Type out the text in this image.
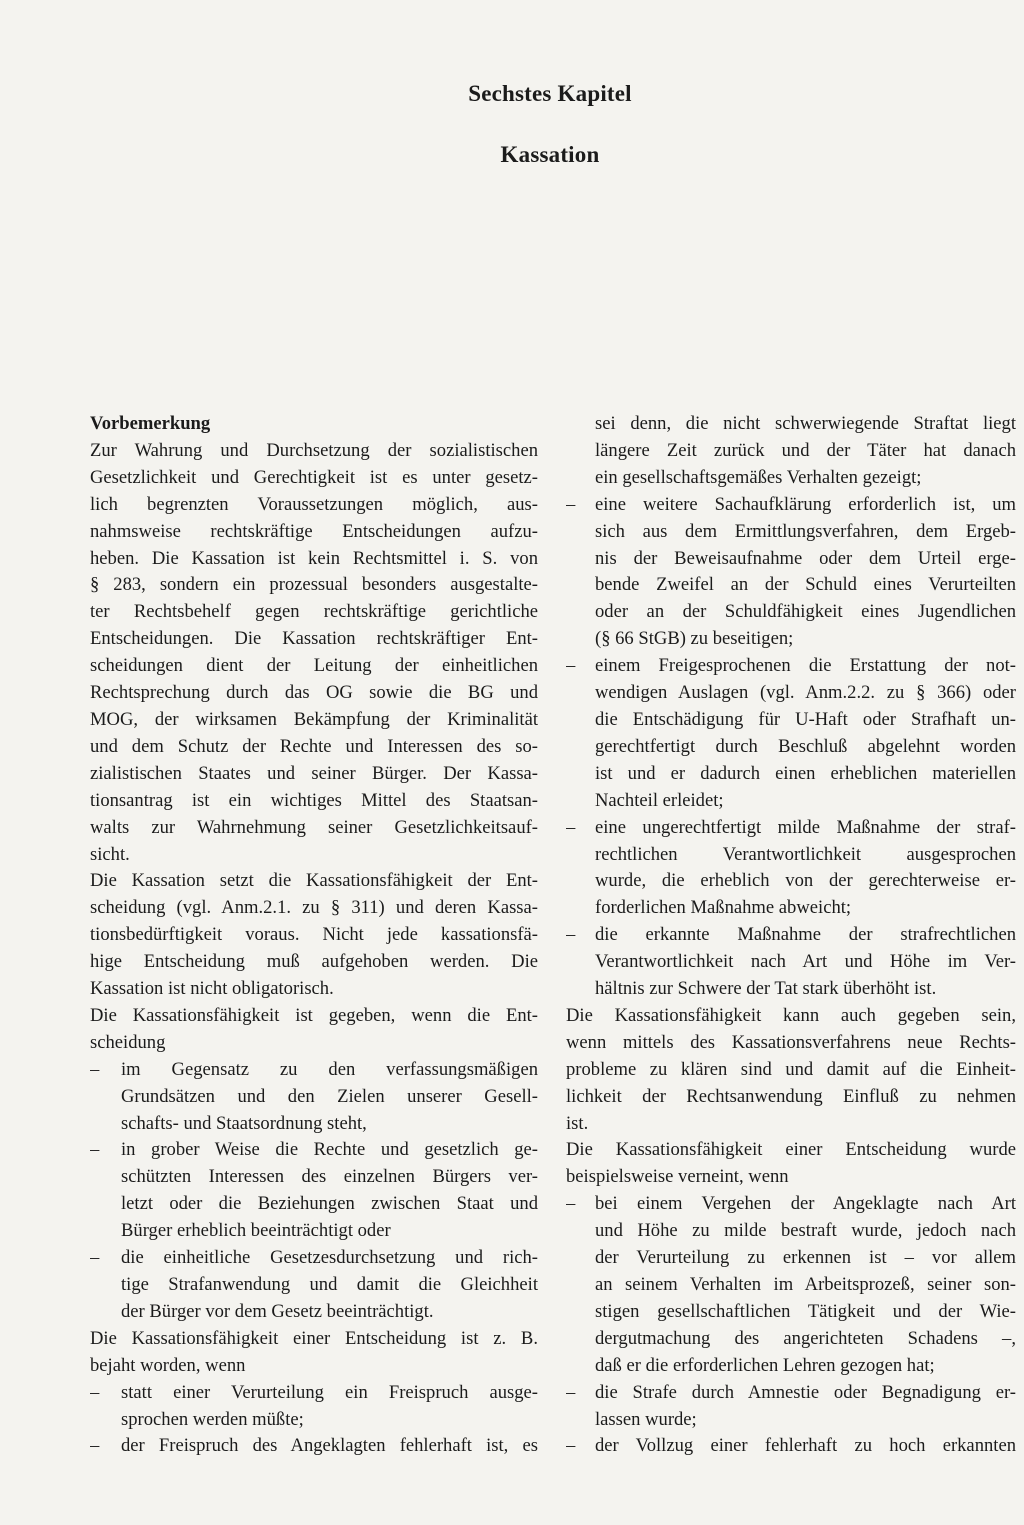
Sechstes Kapitel
Kassation
Vorbemerkung
Zur Wahrung und Durchsetzung der sozialistischen
Gesetzlichkeit und Gerechtigkeit ist es unter gesetz-
lich begrenzten Voraussetzungen möglich, aus-
nahmsweise rechtskräftige Entscheidungen aufzu-
heben. Die Kassation ist kein Rechtsmittel i. S. von
§ 283, sondern ein prozessual besonders ausgestalte-
ter Rechtsbehelf gegen rechtskräftige gerichtliche
Entscheidungen. Die Kassation rechtskräftiger Ent-
scheidungen dient der Leitung der einheitlichen
Rechtsprechung durch das OG sowie die BG und
MOG, der wirksamen Bekämpfung der Kriminalität
und dem Schutz der Rechte und Interessen des so-
zialistischen Staates und seiner Bürger. Der Kassa-
tionsantrag ist ein wichtiges Mittel des Staatsan-
walts zur Wahrnehmung seiner Gesetzlichkeitsauf-
sicht.
Die Kassation setzt die Kassationsfähigkeit der Ent-
scheidung (vgl. Anm.2.1. zu § 311) und deren Kassa-
tionsbedürftigkeit voraus. Nicht jede kassationsfä-
hige Entscheidung muß aufgehoben werden. Die
Kassation ist nicht obligatorisch.
Die Kassationsfähigkeit ist gegeben, wenn die Ent-
scheidung
– im Gegensatz zu den verfassungsmäßigen
Grundsätzen und den Zielen unserer Gesell-
schafts- und Staatsordnung steht,
– in grober Weise die Rechte und gesetzlich ge-
schützten Interessen des einzelnen Bürgers ver-
letzt oder die Beziehungen zwischen Staat und
Bürger erheblich beeinträchtigt oder
– die einheitliche Gesetzesdurchsetzung und rich-
tige Strafanwendung und damit die Gleichheit
der Bürger vor dem Gesetz beeinträchtigt.
Die Kassationsfähigkeit einer Entscheidung ist z. B.
bejaht worden, wenn
– statt einer Verurteilung ein Freispruch ausge-
sprochen werden müßte;
– der Freispruch des Angeklagten fehlerhaft ist, es
sei denn, die nicht schwerwiegende Straftat liegt
längere Zeit zurück und der Täter hat danach
ein gesellschaftsgemäßes Verhalten gezeigt;
– eine weitere Sachaufklärung erforderlich ist, um
sich aus dem Ermittlungsverfahren, dem Ergeb-
nis der Beweisaufnahme oder dem Urteil erge-
bende Zweifel an der Schuld eines Verurteilten
oder an der Schuldfähigkeit eines Jugendlichen
(§ 66 StGB) zu beseitigen;
– einem Freigesprochenen die Erstattung der not-
wendigen Auslagen (vgl. Anm.2.2. zu § 366) oder
die Entschädigung für U-Haft oder Strafhaft un-
gerechtfertigt durch Beschluß abgelehnt worden
ist und er dadurch einen erheblichen materiellen
Nachteil erleidet;
– eine ungerechtfertigt milde Maßnahme der straf-
rechtlichen Verantwortlichkeit ausgesprochen
wurde, die erheblich von der gerechterweise er-
forderlichen Maßnahme abweicht;
– die erkannte Maßnahme der strafrechtlichen
Verantwortlichkeit nach Art und Höhe im Ver-
hältnis zur Schwere der Tat stark überhöht ist.
Die Kassationsfähigkeit kann auch gegeben sein,
wenn mittels des Kassationsverfahrens neue Rechts-
probleme zu klären sind und damit auf die Einheit-
lichkeit der Rechtsanwendung Einfluß zu nehmen
ist.
Die Kassationsfähigkeit einer Entscheidung wurde
beispielsweise verneint, wenn
– bei einem Vergehen der Angeklagte nach Art
und Höhe zu milde bestraft wurde, jedoch nach
der Verurteilung zu erkennen ist – vor allem
an seinem Verhalten im Arbeitsprozeß, seiner son-
stigen gesellschaftlichen Tätigkeit und der Wie-
dergutmachung des angerichteten Schadens –,
daß er die erforderlichen Lehren gezogen hat;
– die Strafe durch Amnestie oder Begnadigung er-
lassen wurde;
– der Vollzug einer fehlerhaft zu hoch erkannten
